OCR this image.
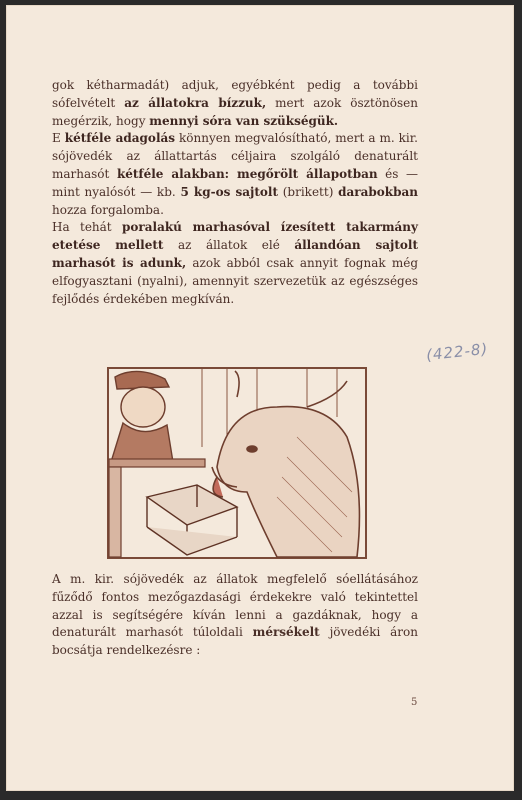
gok kétharmadát) adjuk, egyébként pedig a további sófelvételt az állatokra bízzuk, mert azok ösztönösen megérzik, hogy mennyi sóra van szükségük.

E kétféle adagolás könnyen megvalósítható, mert a m. kir. sójövedék az állattartás céljaira szolgáló denaturált marhasót kétféle alakban: megőrölt állapotban és — mint nyalósót — kb. 5 kg-os sajtolt (brikett) darabokban hozza forgalomba.

Ha tehát poralakú marhasóval ízesített takarmány etetése mellett az állatok elé állandóan sajtolt marhasót is adunk, azok abból csak annyit fognak még elfogyasztani (nyalni), amennyit szervezetük az egészséges fejlődés érdekében megkíván.

(422-8)

A m. kir. sójövedék az állatok megfelelő sóellátásához fűződő fontos mezőgazdasági érdekekre való tekintettel azzal is segítségére kíván lenni a gazdáknak, hogy a denaturált marhasót túloldali mérsékelt jövedéki áron bocsátja rendelkezésre :

5
